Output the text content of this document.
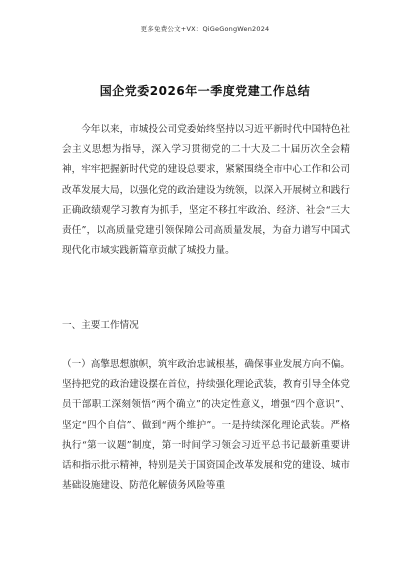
更多免费公文+VX：QiGeGongWen2024
国企党委2026年一季度党建工作总结
今年以来，市城投公司党委始终坚持以习近平新时代中国特色社会主义思想为指导，深入学习贯彻党的二十大及二十届历次全会精神，牢牢把握新时代党的建设总要求，紧紧围绕全市中心工作和公司改革发展大局，以强化党的政治建设为统领，以深入开展树立和践行正确政绩观学习教育为抓手，坚定不移扛牢政治、经济、社会“三大责任”，以高质量党建引领保障公司高质量发展，为奋力谱写中国式现代化市域实践新篇章贡献了城投力量。
一、主要工作情况
（一）高擎思想旗帜，筑牢政治忠诚根基，确保事业发展方向不偏。坚持把党的政治建设摆在首位，持续强化理论武装，教育引导全体党员干部职工深刻领悟“两个确立”的决定性意义，增强“四个意识”、坚定“四个自信”、做到“两个维护”。一是持续深化理论武装。严格执行“第一议题”制度，第一时间学习领会习近平总书记最新重要讲话和指示批示精神，特别是关于国资国企改革发展和党的建设、城市基础设施建设、防范化解债务风险等重
